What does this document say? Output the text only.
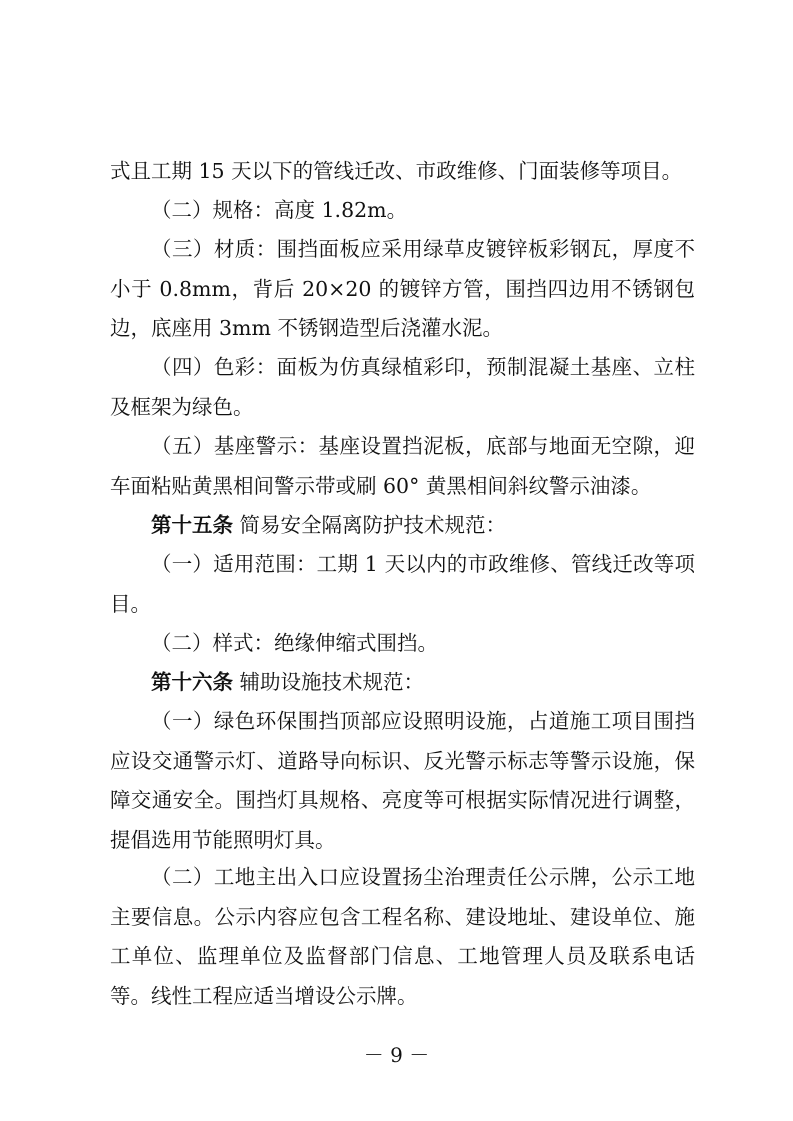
式且工期 15 天以下的管线迁改、市政维修、门面装修等项目。
（二）规格：高度 1.82m。
（三）材质：围挡面板应采用绿草皮镀锌板彩钢瓦，厚度不小于 0.8mm，背后 20×20 的镀锌方管，围挡四边用不锈钢包边，底座用 3mm 不锈钢造型后浇灌水泥。
（四）色彩：面板为仿真绿植彩印，预制混凝土基座、立柱及框架为绿色。
（五）基座警示：基座设置挡泥板，底部与地面无空隙，迎车面粘贴黄黑相间警示带或刷 60° 黄黑相间斜纹警示油漆。
第十五条 简易安全隔离防护技术规范：
（一）适用范围：工期 1 天以内的市政维修、管线迁改等项目。
（二）样式：绝缘伸缩式围挡。
第十六条 辅助设施技术规范：
（一）绿色环保围挡顶部应设照明设施，占道施工项目围挡应设交通警示灯、道路导向标识、反光警示标志等警示设施，保障交通安全。围挡灯具规格、亮度等可根据实际情况进行调整，提倡选用节能照明灯具。
（二）工地主出入口应设置扬尘治理责任公示牌，公示工地主要信息。公示内容应包含工程名称、建设地址、建设单位、施工单位、监理单位及监督部门信息、工地管理人员及联系电话等。线性工程应适当增设公示牌。
－ 9 －
